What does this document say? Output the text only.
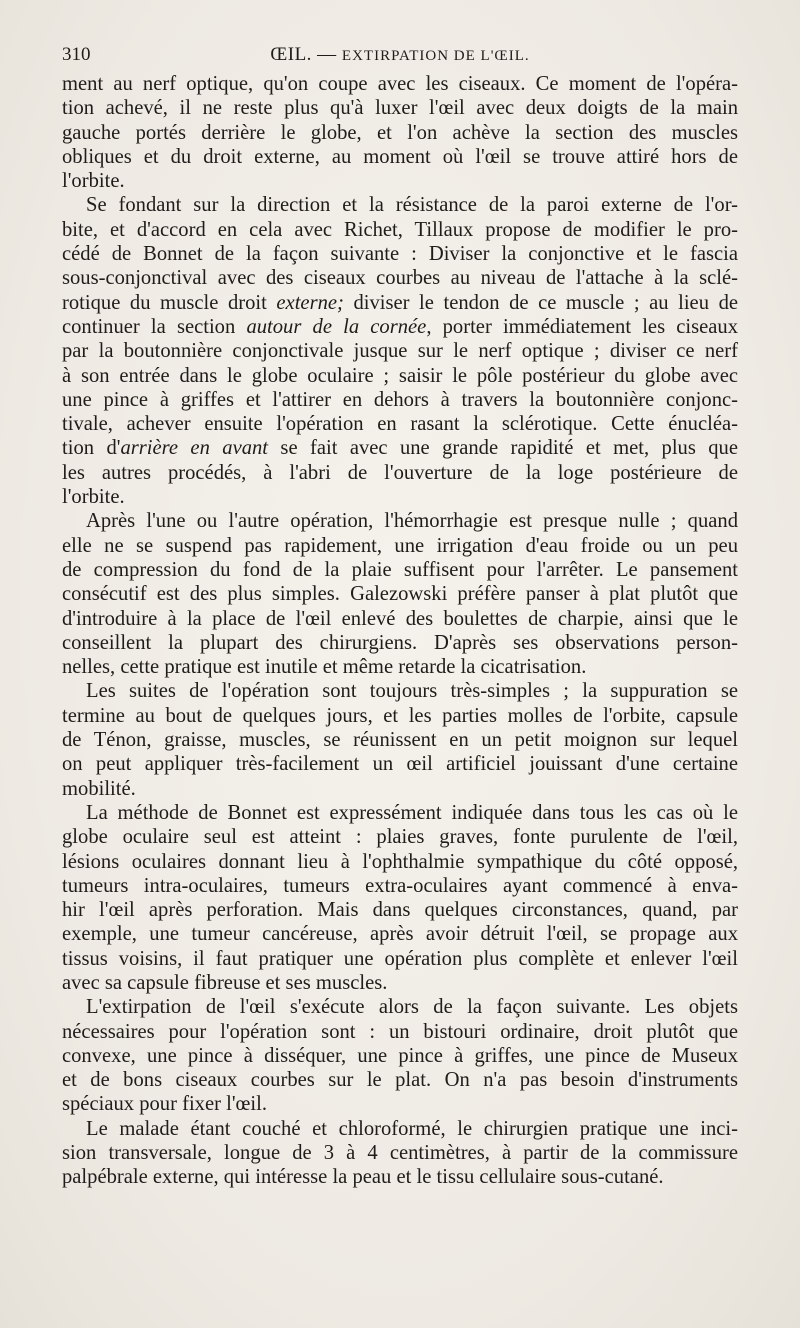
310	ŒIL. — EXTIRPATION DE L'ŒIL.
ment au nerf optique, qu'on coupe avec les ciseaux. Ce moment de l'opéra-
tion achevé, il ne reste plus qu'à luxer l'œil avec deux doigts de la main
gauche portés derrière le globe, et l'on achève la section des muscles
obliques et du droit externe, au moment où l'œil se trouve attiré hors de
l'orbite.
Se fondant sur la direction et la résistance de la paroi externe de l'or-
bite, et d'accord en cela avec Richet, Tillaux propose de modifier le pro-
cédé de Bonnet de la façon suivante : Diviser la conjonctive et le fascia
sous-conjonctival avec des ciseaux courbes au niveau de l'attache à la sclé-
rotique du muscle droit externe; diviser le tendon de ce muscle ; au lieu de
continuer la section autour de la cornée, porter immédiatement les ciseaux
par la boutonnière conjonctivale jusque sur le nerf optique ; diviser ce nerf
à son entrée dans le globe oculaire ; saisir le pôle postérieur du globe avec
une pince à griffes et l'attirer en dehors à travers la boutonnière conjonc-
tivale, achever ensuite l'opération en rasant la sclérotique. Cette énucléa-
tion d'arrière en avant se fait avec une grande rapidité et met, plus que
les autres procédés, à l'abri de l'ouverture de la loge postérieure de
l'orbite.
Après l'une ou l'autre opération, l'hémorrhagie est presque nulle ; quand
elle ne se suspend pas rapidement, une irrigation d'eau froide ou un peu
de compression du fond de la plaie suffisent pour l'arrêter. Le pansement
consécutif est des plus simples. Galezowski préfère panser à plat plutôt que
d'introduire à la place de l'œil enlevé des boulettes de charpie, ainsi que le
conseillent la plupart des chirurgiens. D'après ses observations person-
nelles, cette pratique est inutile et même retarde la cicatrisation.
Les suites de l'opération sont toujours très-simples ; la suppuration se
termine au bout de quelques jours, et les parties molles de l'orbite, capsule
de Ténon, graisse, muscles, se réunissent en un petit moignon sur lequel
on peut appliquer très-facilement un œil artificiel jouissant d'une certaine
mobilité.
La méthode de Bonnet est expressément indiquée dans tous les cas où le
globe oculaire seul est atteint : plaies graves, fonte purulente de l'œil,
lésions oculaires donnant lieu à l'ophthalmie sympathique du côté opposé,
tumeurs intra-oculaires, tumeurs extra-oculaires ayant commencé à enva-
hir l'œil après perforation. Mais dans quelques circonstances, quand, par
exemple, une tumeur cancéreuse, après avoir détruit l'œil, se propage aux
tissus voisins, il faut pratiquer une opération plus complète et enlever l'œil
avec sa capsule fibreuse et ses muscles.
L'extirpation de l'œil s'exécute alors de la façon suivante. Les objets
nécessaires pour l'opération sont : un bistouri ordinaire, droit plutôt que
convexe, une pince à disséquer, une pince à griffes, une pince de Museux
et de bons ciseaux courbes sur le plat. On n'a pas besoin d'instruments
spéciaux pour fixer l'œil.
Le malade étant couché et chloroformé, le chirurgien pratique une inci-
sion transversale, longue de 3 à 4 centimètres, à partir de la commissure
palpébrale externe, qui intéresse la peau et le tissu cellulaire sous-cutané.
